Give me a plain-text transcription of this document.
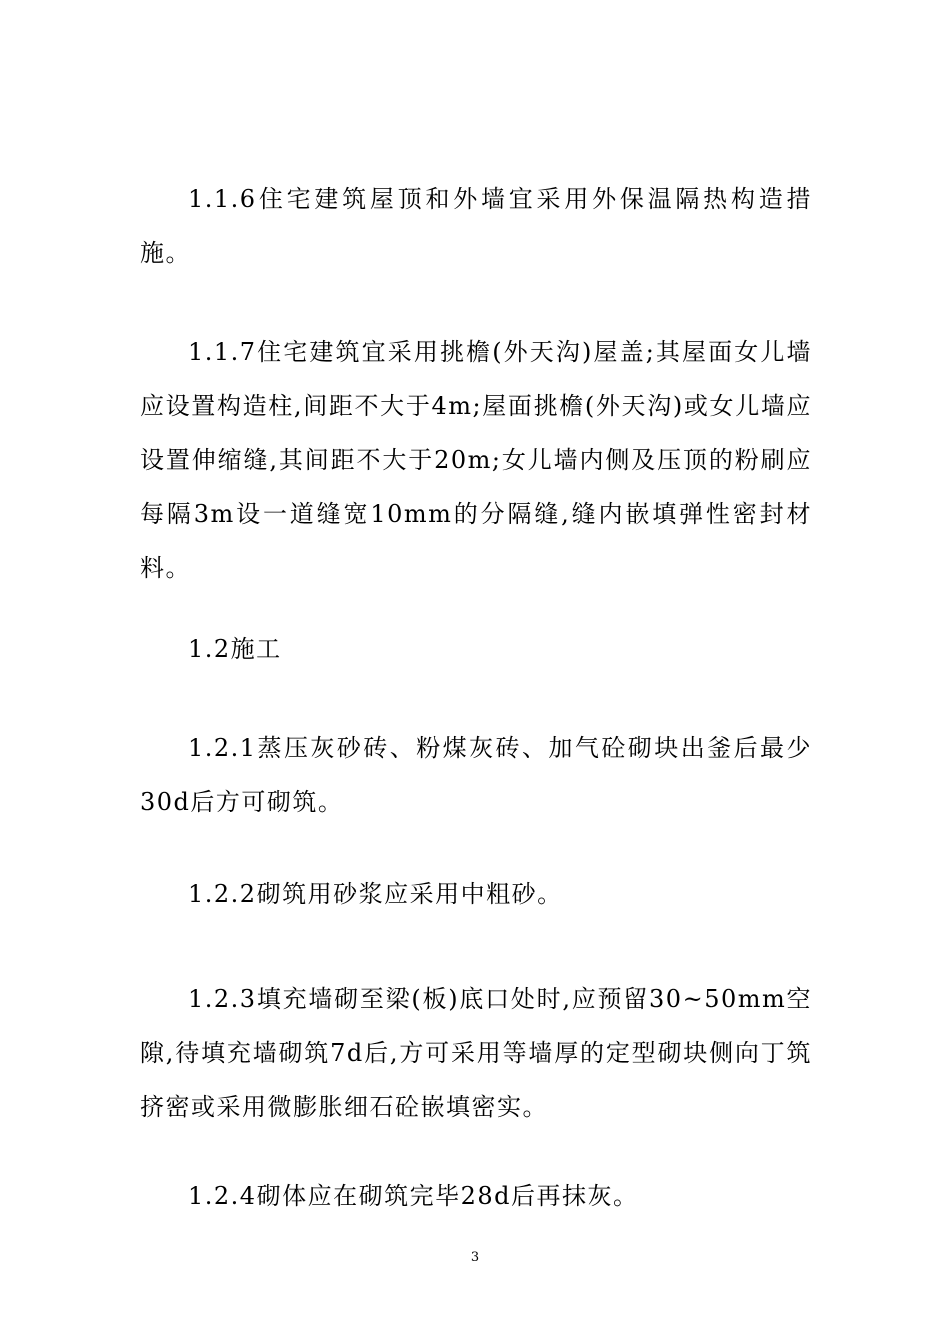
1.1.6住宅建筑屋顶和外墙宜采用外保温隔热构造措施。

1.1.7住宅建筑宜采用挑檐(外天沟)屋盖;其屋面女儿墙应设置构造柱,间距不大于4m;屋面挑檐(外天沟)或女儿墙应设置伸缩缝,其间距不大于20m;女儿墙内侧及压顶的粉刷应每隔3m设一道缝宽10mm的分隔缝,缝内嵌填弹性密封材料。

1.2施工

1.2.1蒸压灰砂砖、粉煤灰砖、加气砼砌块出釜后最少30d后方可砌筑。

1.2.2砌筑用砂浆应采用中粗砂。

1.2.3填充墙砌至梁(板)底口处时,应预留30~50mm空隙,待填充墙砌筑7d后,方可采用等墙厚的定型砌块侧向丁筑挤密或采用微膨胀细石砼嵌填密实。

1.2.4砌体应在砌筑完毕28d后再抹灰。

3
